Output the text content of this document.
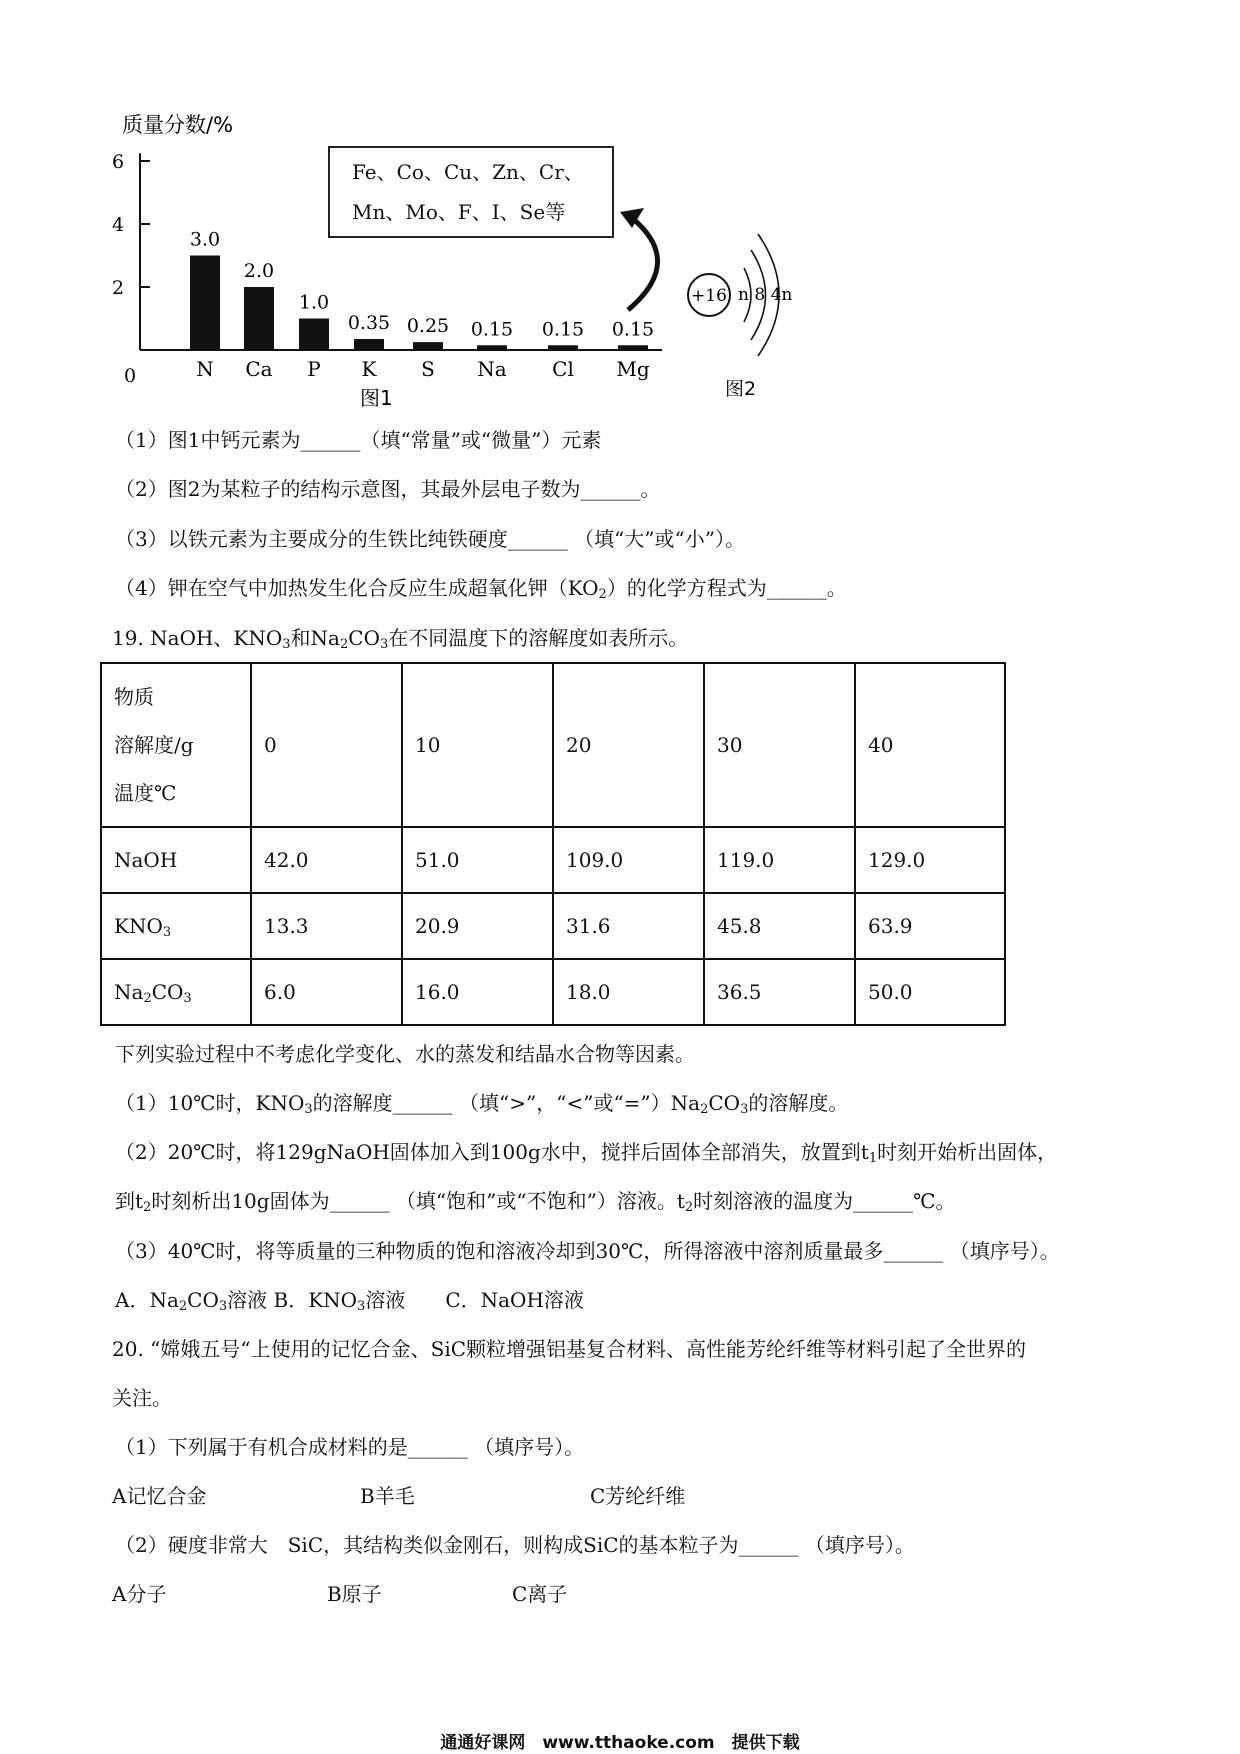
质量分数/%
0
2
4
6
3.0
N
2.0
Ca
1.0
P
0.35
K
0.25
S
0.15
Na
0.15
Cl
0.15
Mg
图1
Fe、Co、Cu、Zn、Cr、
Mn、Mo、F、I、Se等
+16 n 8 4n
图2
（1）图1中钙元素为______（填“常量”或“微量”）元素
（2）图2为某粒子的结构示意图，其最外层电子数为______。
（3）以铁元素为主要成分的生铁比纯铁硬度______ （填“大”或“小”）。
（4）钾在空气中加热发生化合反应生成超氧化钾$(KO_2)$的化学方程式为______。
19. NaOH、$KNO_3$和$Na_2CO_3$在不同温度下的溶解度如表所示。
物质
溶解度/g
温度℃	0	10	20	30	40
NaOH	42.0	51.0	109.0	119.0	129.0
$KNO_3$	13.3	20.9	31.6	45.8	63.9
$Na_2CO_3$	6.0	16.0	18.0	36.5	50.0
下列实验过程中不考虑化学变化、水的蒸发和结晶水合物等因素。
（1）10℃时，$KNO_3$的溶解度______ （填“>”，“<”或“$=”)Na_2CO_3$的溶解度。
（2）20℃时，将129gNaOH固体加入到100g水中，搅拌后固体全部消失，放置到$t_1$时刻开始析出固体，
到$t_2$时刻析出10g固体为______ （填“饱和”或“不饱和”）溶液。$t_2$时刻溶液的温度为______℃。
（3）40℃时，将等质量的三种物质的饱和溶液冷却到30℃，所得溶液中溶剂质量最多______ （填序号）。
A．$Na_2CO_3$溶液 B．$KNO_3$溶液　　C．NaOH溶液
20. “嫦娥五号“上使用的记忆合金、SiC颗粒增强铝基复合材料、高性能芳纶纤维等材料引起了全世界的
关注。
（1）下列属于有机合成材料的是______ （填序号）。
A记忆合金	B羊毛	C芳纶纤维
（2）硬度非常大　SiC，其结构类似金刚石，则构成SiC的基本粒子为______ （填序号）。
A分子	B原子	C离子
通通好课网　www.tthaoke.com　提供下载
